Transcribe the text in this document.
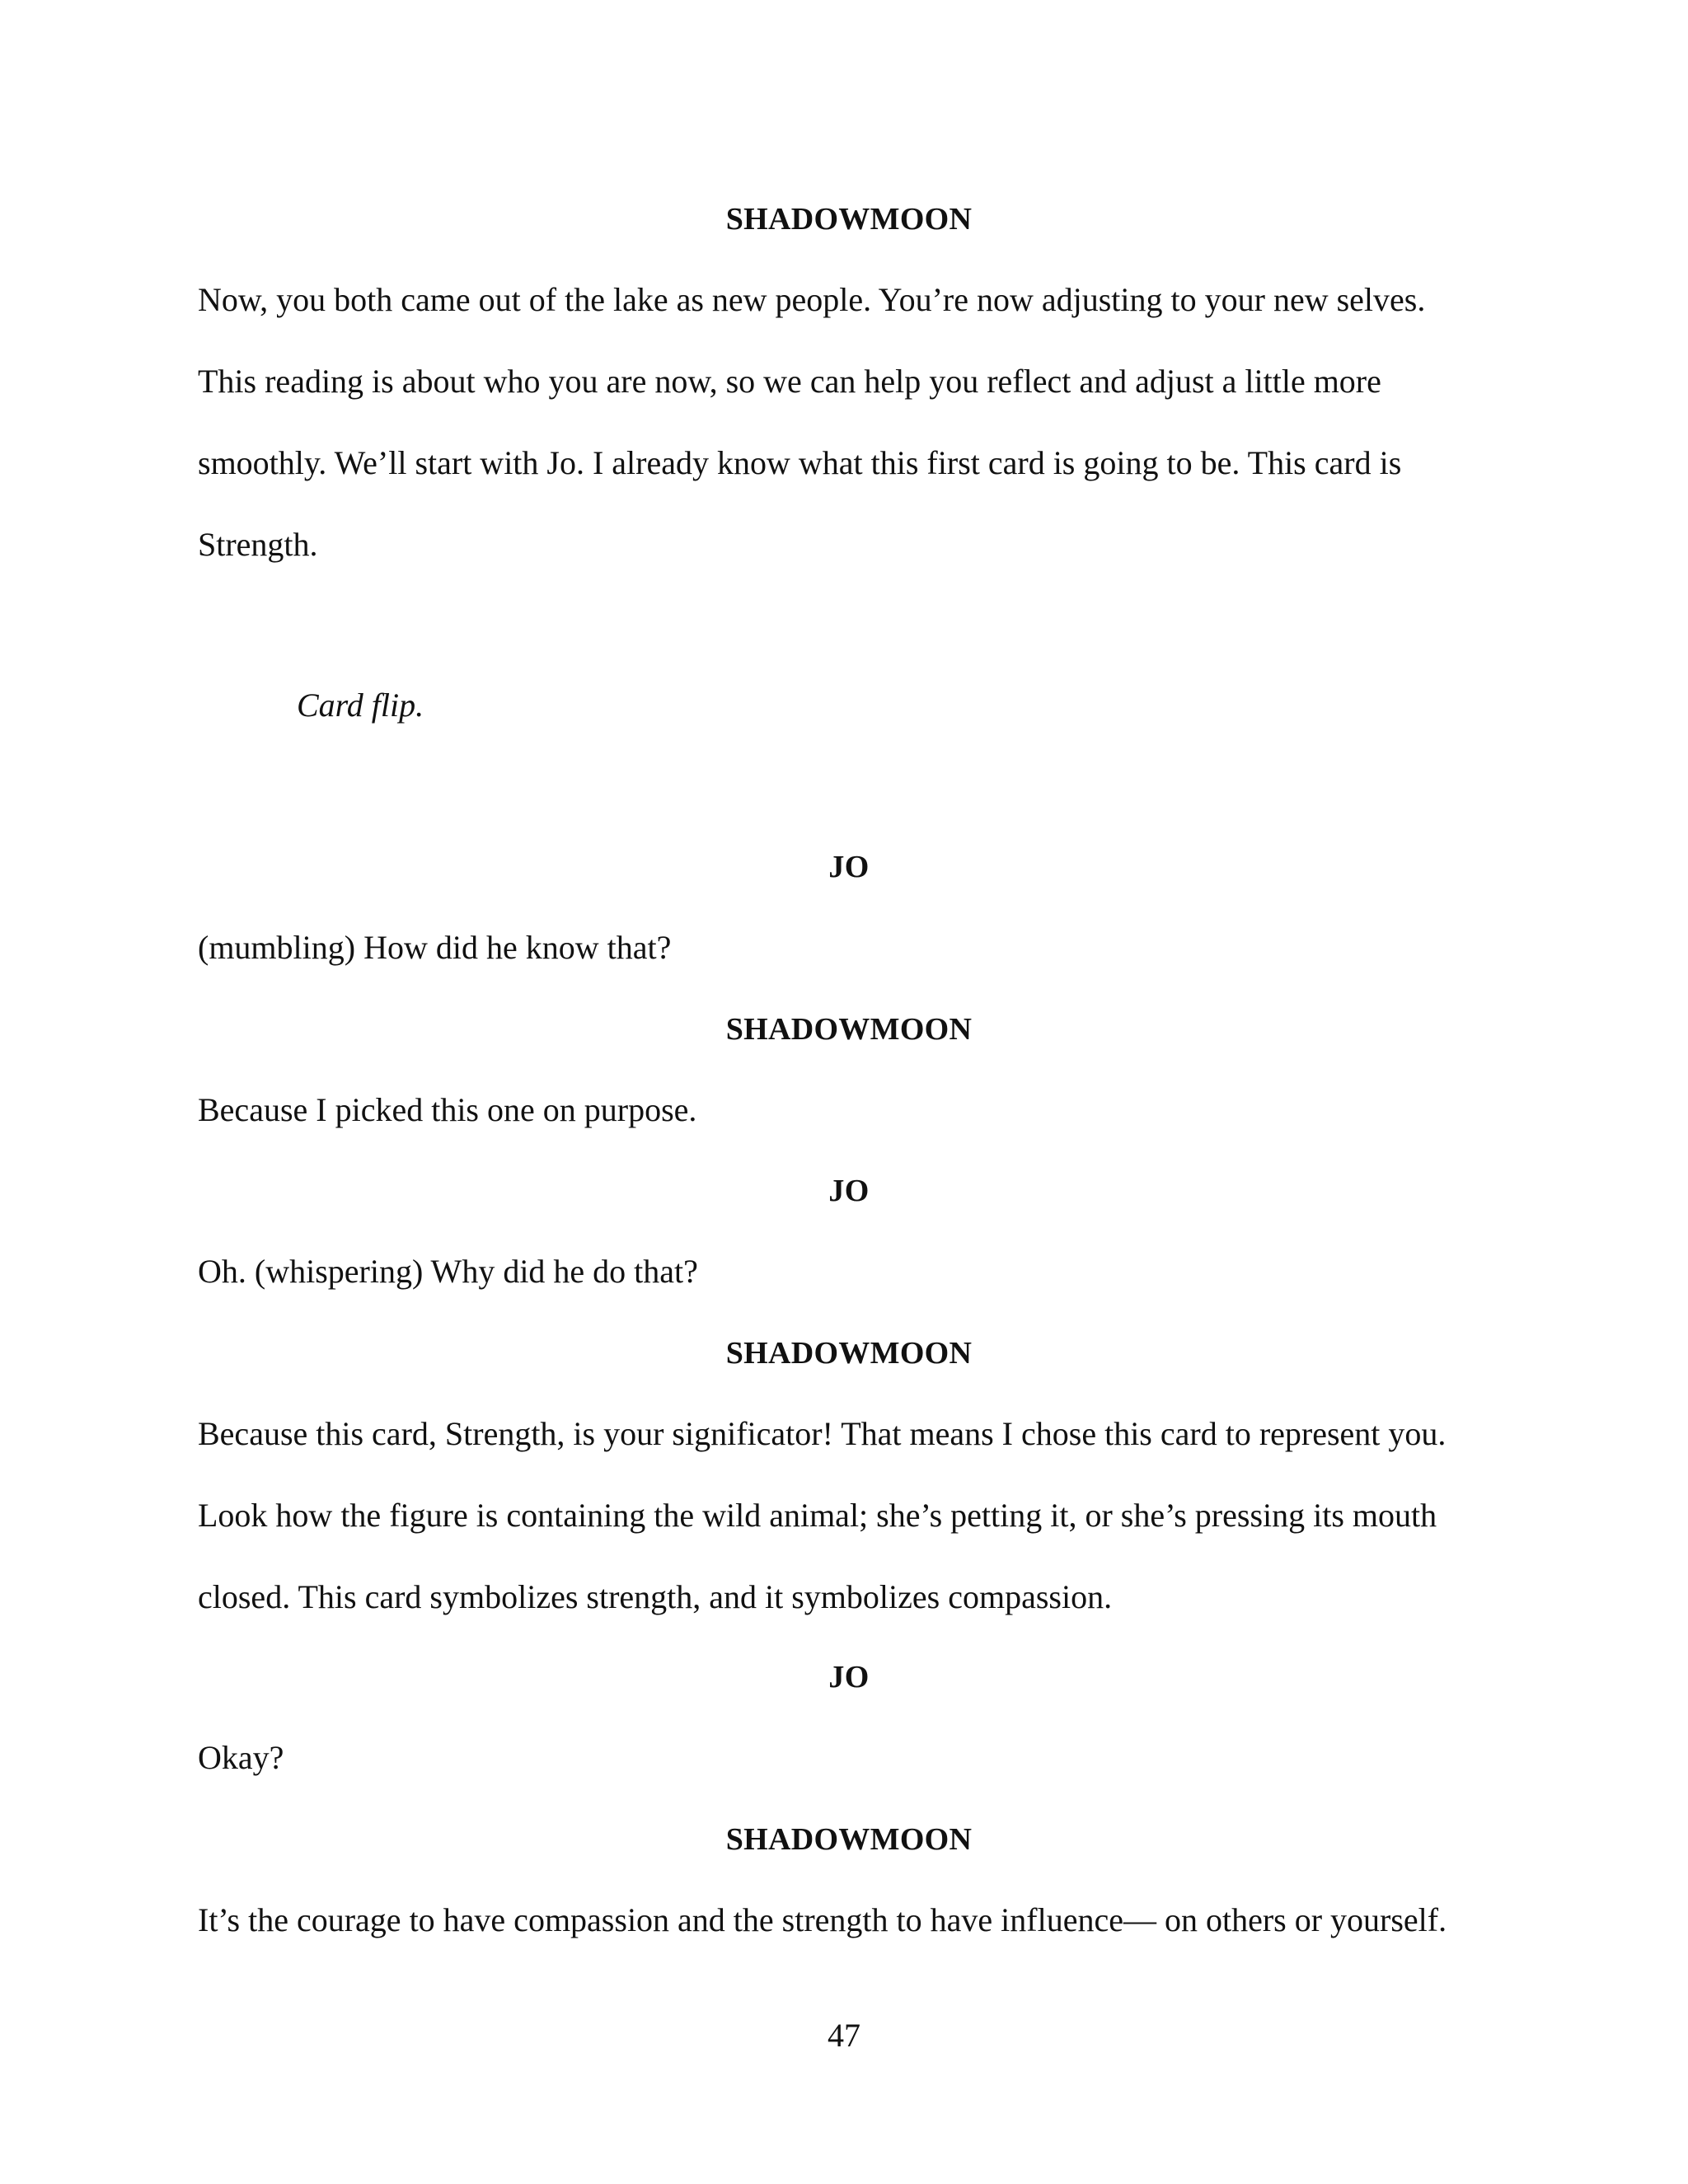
SHADOWMOON
Now, you both came out of the lake as new people. You’re now adjusting to your new selves.
This reading is about who you are now, so we can help you reflect and adjust a little more
smoothly. We’ll start with Jo. I already know what this first card is going to be. This card is
Strength.
Card flip.
JO
(mumbling) How did he know that?
SHADOWMOON
Because I picked this one on purpose.
JO
Oh. (whispering) Why did he do that?
SHADOWMOON
Because this card, Strength, is your significator! That means I chose this card to represent you.
Look how the figure is containing the wild animal; she’s petting it, or she’s pressing its mouth
closed. This card symbolizes strength, and it symbolizes compassion.
JO
Okay?
SHADOWMOON
It’s the courage to have compassion and the strength to have influence— on others or yourself.
47
